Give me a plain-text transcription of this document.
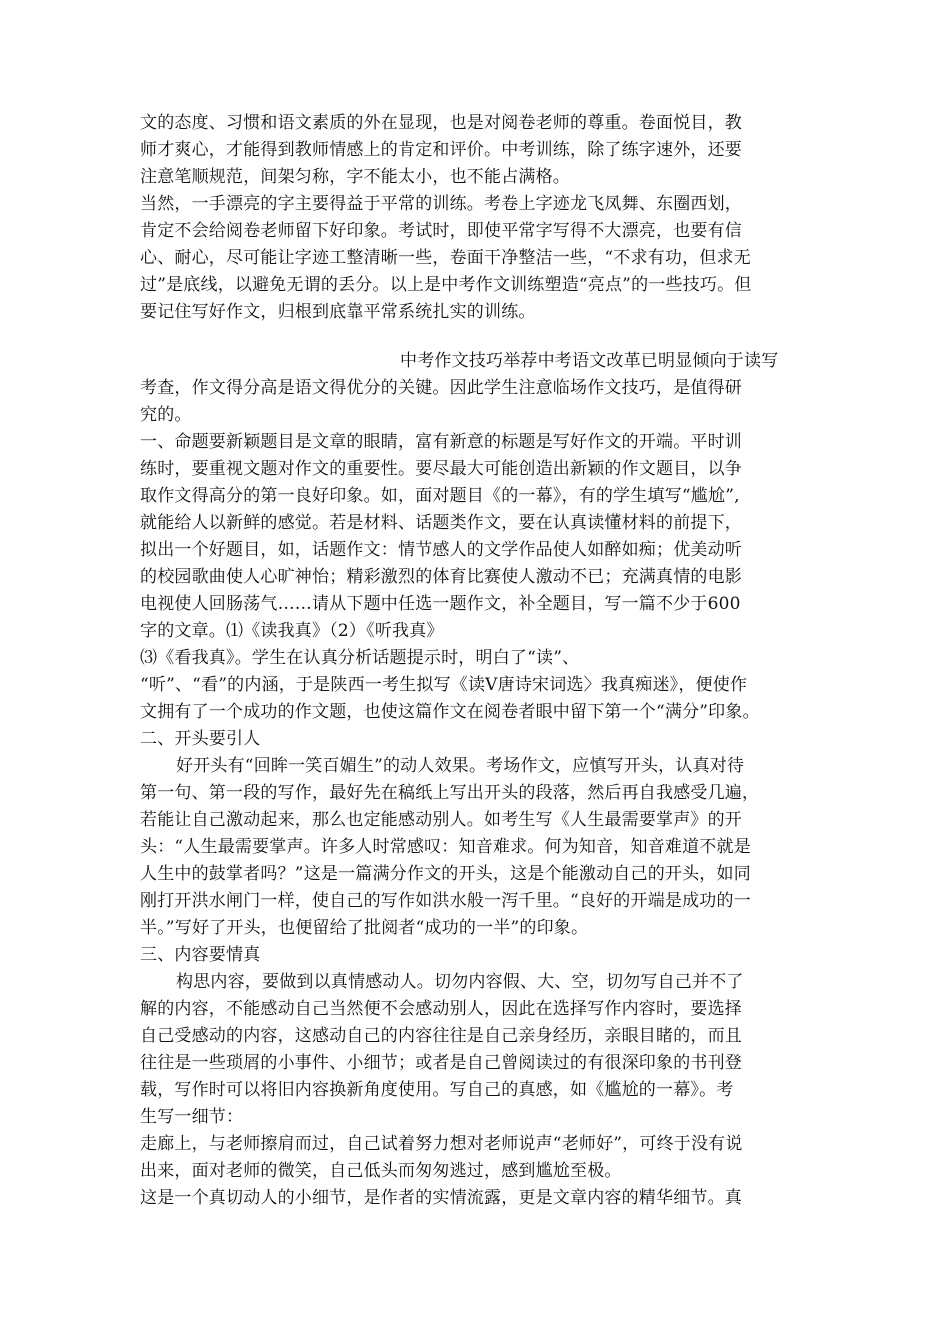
文的态度、习惯和语文素质的外在显现，也是对阅卷老师的尊重。卷面悦目，教
师才爽心，才能得到教师情感上的肯定和评价。中考训练，除了练字速外，还要
注意笔顺规范，间架匀称，字不能太小，也不能占满格。
当然，一手漂亮的字主要得益于平常的训练。考卷上字迹龙飞凤舞、东圈西划，
肯定不会给阅卷老师留下好印象。考试时，即使平常字写得不大漂亮，也要有信
心、耐心，尽可能让字迹工整清晰一些，卷面干净整洁一些，“不求有功，但求无
过”是底线，以避免无谓的丢分。以上是中考作文训练塑造“亮点”的一些技巧。但
要记住写好作文，归根到底靠平常系统扎实的训练。
中考作文技巧举荐中考语文改革已明显倾向于读写
考查，作文得分高是语文得优分的关键。因此学生注意临场作文技巧，是值得研
究的。
一、命题要新颖题目是文章的眼睛，富有新意的标题是写好作文的开端。平时训
练时，要重视文题对作文的重要性。要尽最大可能创造出新颖的作文题目，以争
取作文得高分的第一良好印象。如，面对题目《的一幕》，有的学生填写“尴尬”,
就能给人以新鲜的感觉。若是材料、话题类作文，要在认真读懂材料的前提下，
拟出一个好题目，如，话题作文：情节感人的文学作品使人如醉如痴；优美动听
的校园歌曲使人心旷神怡；精彩激烈的体育比赛使人激动不已；充满真情的电影
电视使人回肠荡气……请从下题中任选一题作文，补全题目，写一篇不少于600
字的文章。⑴《读我真》（2）《听我真》
⑶《看我真》。学生在认真分析话题提示时，明白了“读”、
“听”、“看”的内涵，于是陕西一考生拟写《读Ⅴ唐诗宋词选〉我真痴迷》，便使作
文拥有了一个成功的作文题，也使这篇作文在阅卷者眼中留下第一个“满分”印象。
二、开头要引人
好开头有“回眸一笑百媚生”的动人效果。考场作文，应慎写开头，认真对待
第一句、第一段的写作，最好先在稿纸上写出开头的段落，然后再自我感受几遍，
若能让自己激动起来，那么也定能感动别人。如考生写《人生最需要掌声》的开
头：“人生最需要掌声。许多人时常感叹：知音难求。何为知音，知音难道不就是
人生中的鼓掌者吗？”这是一篇满分作文的开头，这是个能激动自己的开头，如同
刚打开洪水闸门一样，使自己的写作如洪水般一泻千里。“良好的开端是成功的一
半。”写好了开头，也便留给了批阅者“成功的一半”的印象。
三、内容要情真
构思内容，要做到以真情感动人。切勿内容假、大、空，切勿写自己并不了
解的内容，不能感动自己当然便不会感动别人，因此在选择写作内容时，要选择
自己受感动的内容，这感动自己的内容往往是自己亲身经历，亲眼目睹的，而且
往往是一些琐屑的小事件、小细节；或者是自己曾阅读过的有很深印象的书刊登
载，写作时可以将旧内容换新角度使用。写自己的真感，如《尴尬的一幕》。考
生写一细节：
走廊上，与老师擦肩而过，自己试着努力想对老师说声“老师好”，可终于没有说
出来，面对老师的微笑，自己低头而匆匆逃过，感到尴尬至极。
这是一个真切动人的小细节，是作者的实情流露，更是文章内容的精华细节。真
